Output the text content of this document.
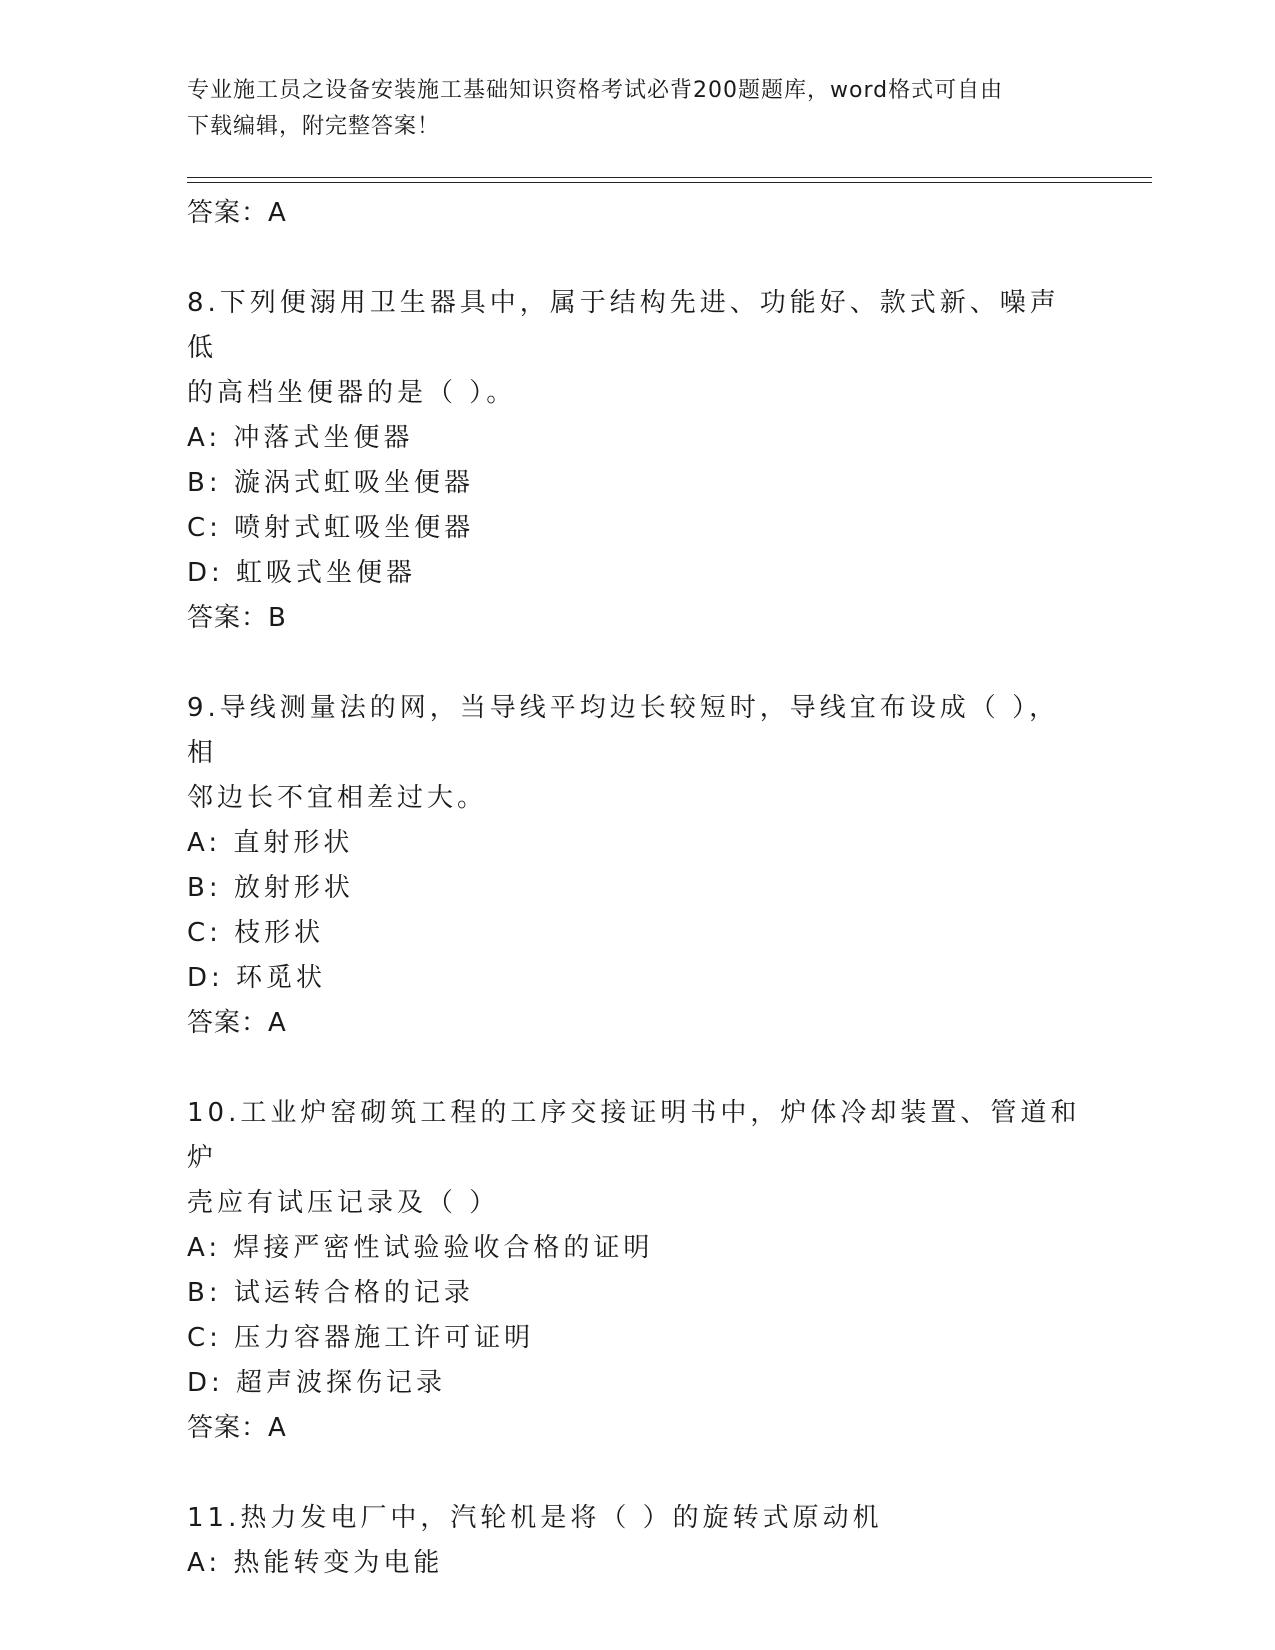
专业施工员之设备安装施工基础知识资格考试必背200题题库，word格式可自由
下载编辑，附完整答案！
答案：A
8.下列便溺用卫生器具中，属于结构先进、功能好、款式新、噪声低
的高档坐便器的是（ ）。
A: 冲落式坐便器
B: 漩涡式虹吸坐便器
C: 喷射式虹吸坐便器
D: 虹吸式坐便器
答案：B
9.导线测量法的网，当导线平均边长较短时，导线宜布设成（ ），相
邻边长不宜相差过大。
A: 直射形状
B: 放射形状
C: 枝形状
D: 环觅状
答案：A
10.工业炉窑砌筑工程的工序交接证明书中，炉体冷却装置、管道和炉
壳应有试压记录及（ ）
A: 焊接严密性试验验收合格的证明
B: 试运转合格的记录
C: 压力容器施工许可证明
D: 超声波探伤记录
答案：A
11.热力发电厂中，汽轮机是将（ ）的旋转式原动机
A: 热能转变为电能
